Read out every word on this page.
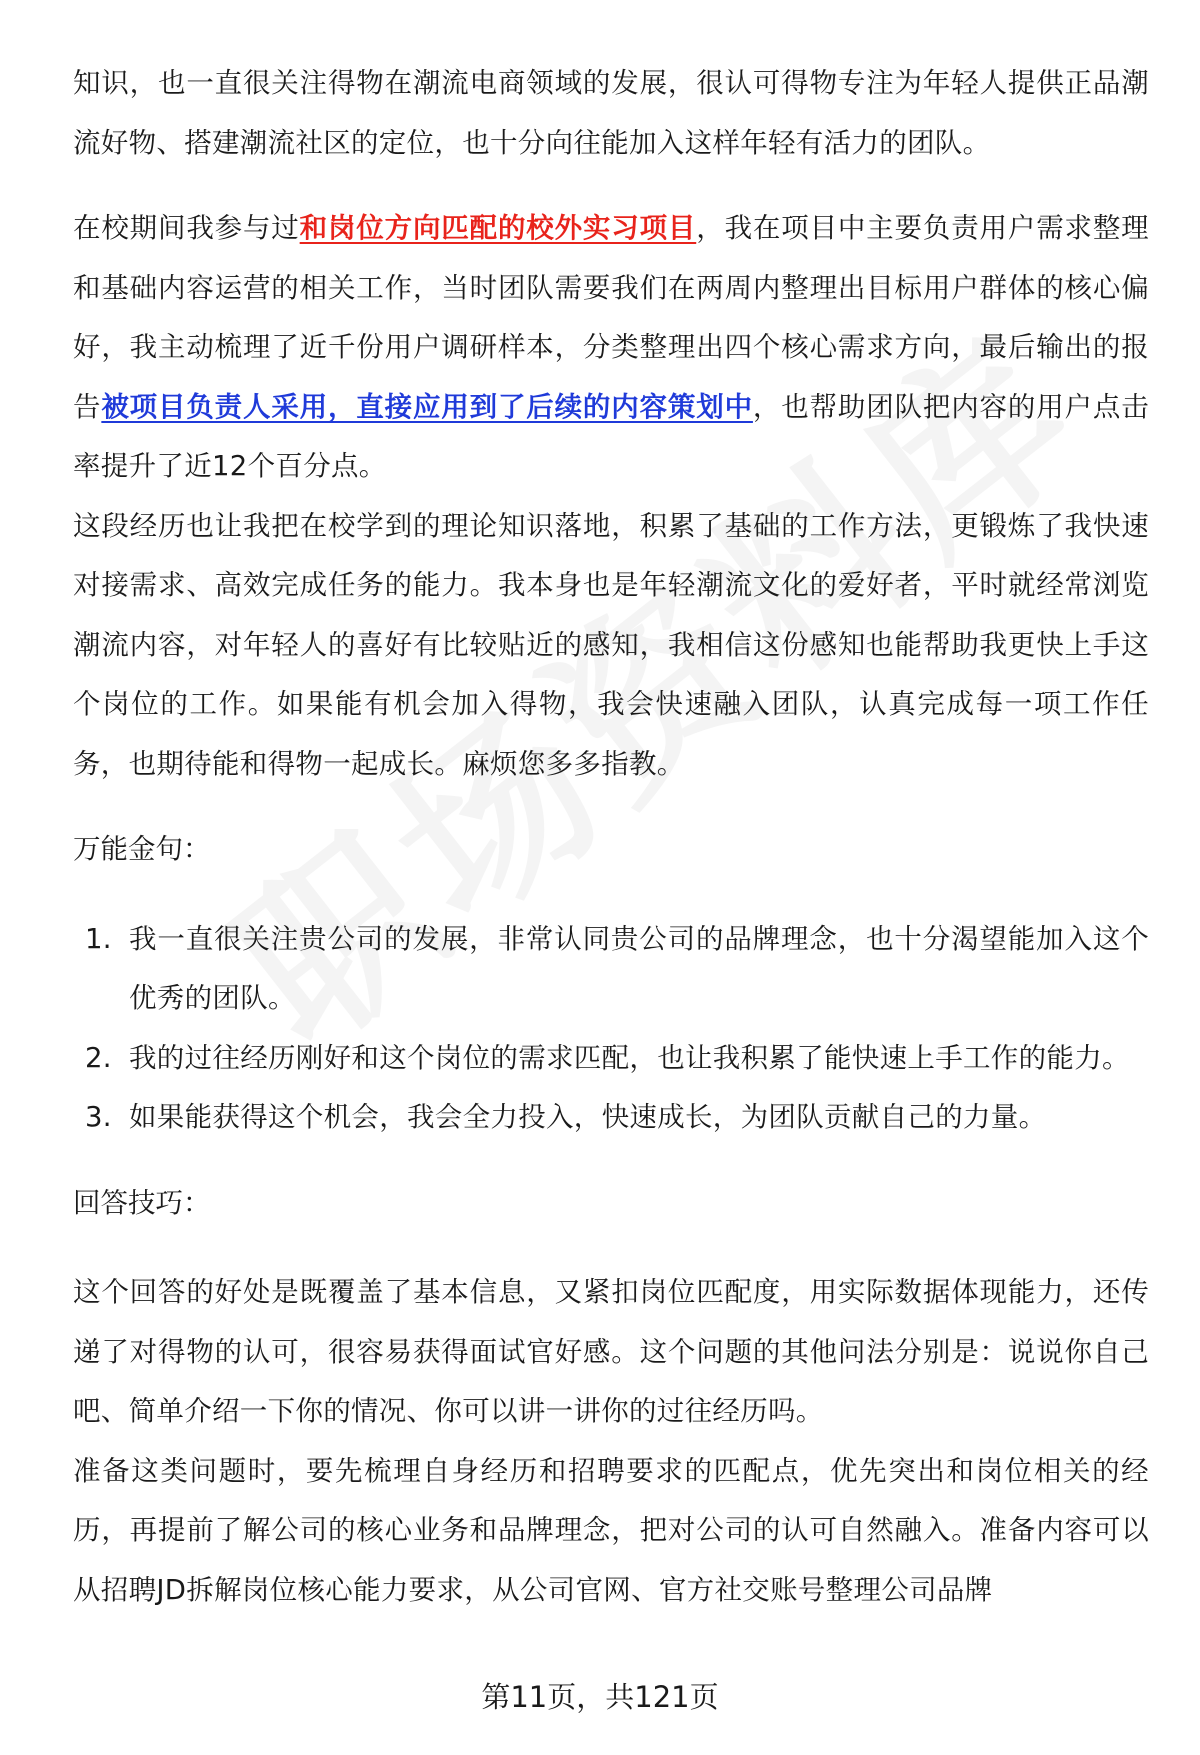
知识，也一直很关注得物在潮流电商领域的发展，很认可得物专注为年轻人提供正品潮流好物、搭建潮流社区的定位，也十分向往能加入这样年轻有活力的团队。

在校期间我参与过和岗位方向匹配的校外实习项目，我在项目中主要负责用户需求整理和基础内容运营的相关工作，当时团队需要我们在两周内整理出目标用户群体的核心偏好，我主动梳理了近千份用户调研样本，分类整理出四个核心需求方向，最后输出的报告被项目负责人采用，直接应用到了后续的内容策划中，也帮助团队把内容的用户点击率提升了近12个百分点。

这段经历也让我把在校学到的理论知识落地，积累了基础的工作方法，更锻炼了我快速对接需求、高效完成任务的能力。我本身也是年轻潮流文化的爱好者，平时就经常浏览潮流内容，对年轻人的喜好有比较贴近的感知，我相信这份感知也能帮助我更快上手这个岗位的工作。如果能有机会加入得物，我会快速融入团队，认真完成每一项工作任务，也期待能和得物一起成长。麻烦您多多指教。

万能金句：

1. 我一直很关注贵公司的发展，非常认同贵公司的品牌理念，也十分渴望能加入这个优秀的团队。
2. 我的过往经历刚好和这个岗位的需求匹配，也让我积累了能快速上手工作的能力。
3. 如果能获得这个机会，我会全力投入，快速成长，为团队贡献自己的力量。

回答技巧：

这个回答的好处是既覆盖了基本信息，又紧扣岗位匹配度，用实际数据体现能力，还传递了对得物的认可，很容易获得面试官好感。这个问题的其他问法分别是：说说你自己吧、简单介绍一下你的情况、你可以讲一讲你的过往经历吗。

准备这类问题时，要先梳理自身经历和招聘要求的匹配点，优先突出和岗位相关的经历，再提前了解公司的核心业务和品牌理念，把对公司的认可自然融入。准备内容可以从招聘JD拆解岗位核心能力要求，从公司官网、官方社交账号整理公司品牌

第11页，共121页
